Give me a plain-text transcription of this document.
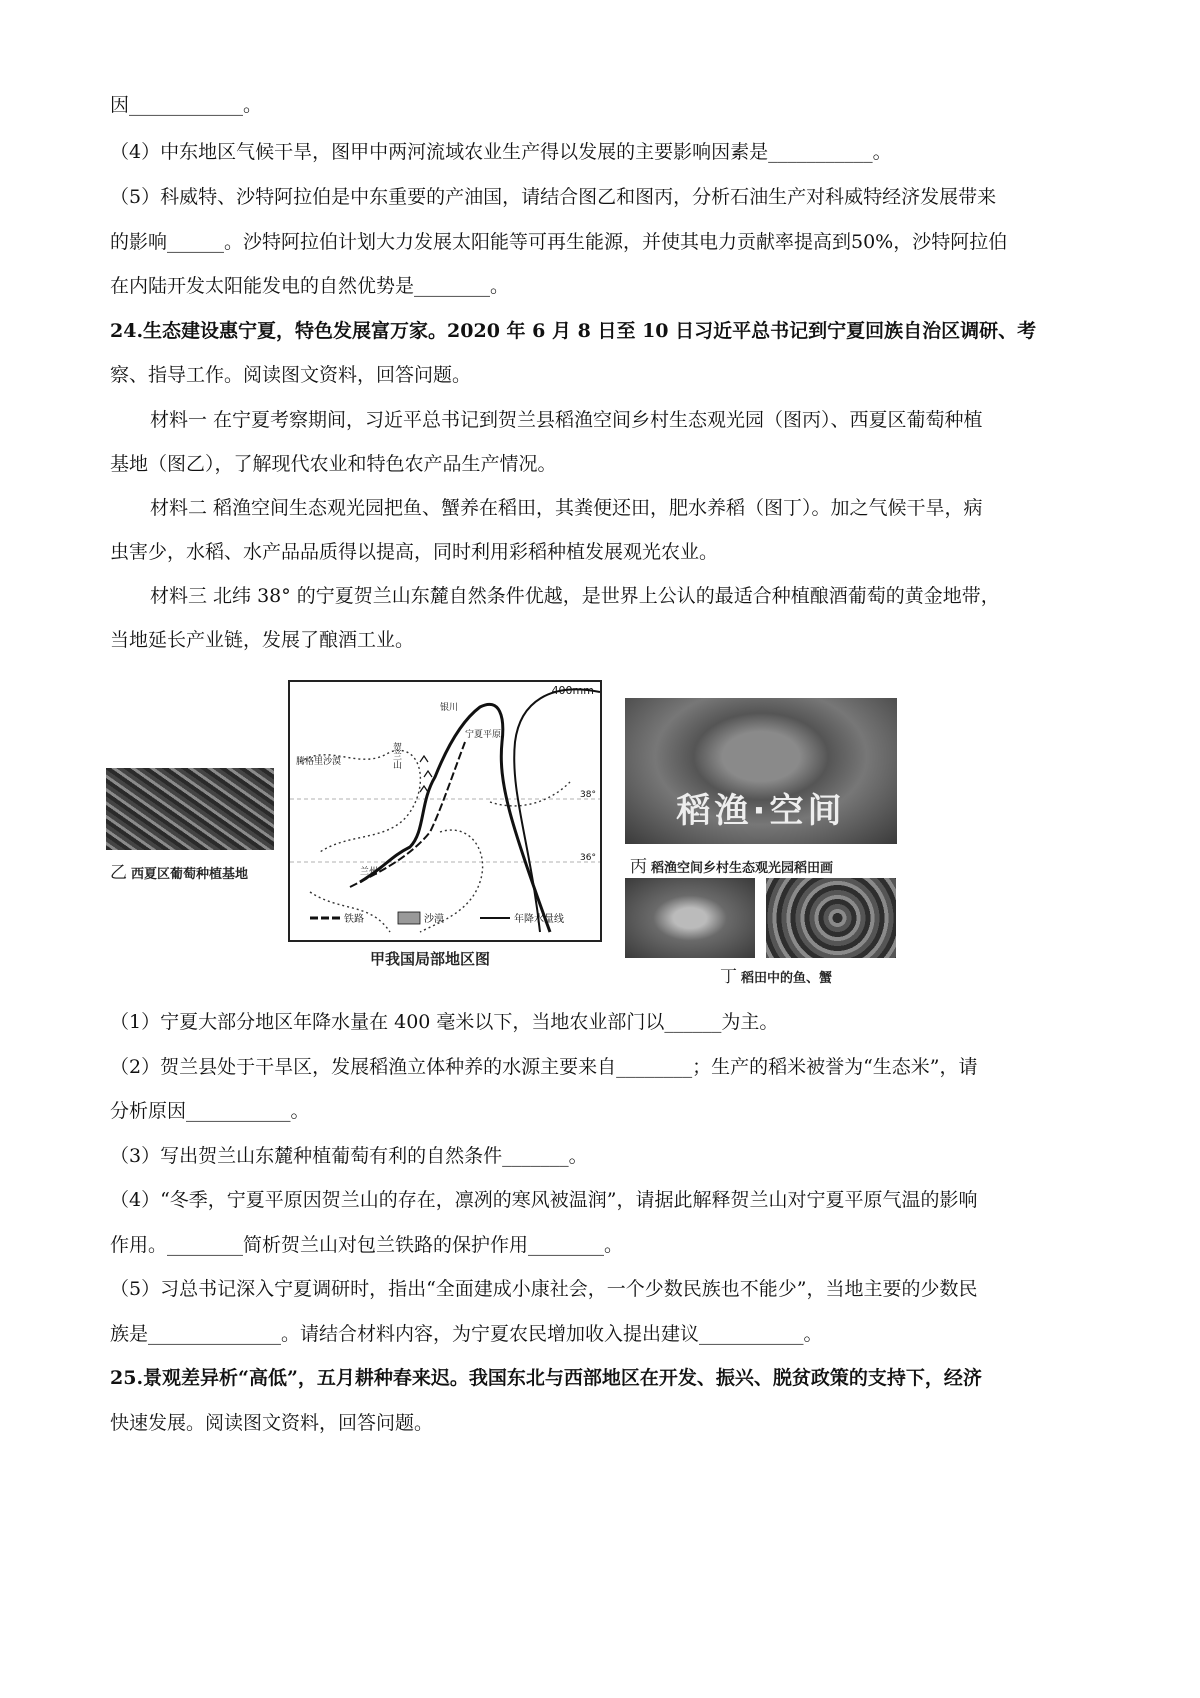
因____________。
（4）中东地区气候干旱，图甲中两河流域农业生产得以发展的主要影响因素是___________。
（5）科威特、沙特阿拉伯是中东重要的产油国，请结合图乙和图丙，分析石油生产对科威特经济发展带来
的影响______。沙特阿拉伯计划大力发展太阳能等可再生能源，并使其电力贡献率提高到50%，沙特阿拉伯
在内陆开发太阳能发电的自然优势是________。
24.生态建设惠宁夏，特色发展富万家。2020 年 6 月 8 日至 10 日习近平总书记到宁夏回族自治区调研、考
察、指导工作。阅读图文资料，回答问题。
材料一 在宁夏考察期间，习近平总书记到贺兰县稻渔空间乡村生态观光园（图丙）、西夏区葡萄种植
基地（图乙），了解现代农业和特色农产品生产情况。
材料二 稻渔空间生态观光园把鱼、蟹养在稻田，其粪便还田，肥水养稻（图丁）。加之气候干旱，病
虫害少，水稻、水产品品质得以提高，同时利用彩稻种植发展观光农业。
材料三 北纬 38° 的宁夏贺兰山东麓自然条件优越，是世界上公认的最适合种植酿酒葡萄的黄金地带，
当地延长产业链，发展了酿酒工业。
乙 西夏区葡萄种植基地
400mm
38°
36°
腾格里沙漠	贺兰山
宁夏平原
银川
兰州
铁路	沙漠	年降水量线
甲我国局部地区图
稻渔·空间
丙 稻渔空间乡村生态观光园稻田画
丁 稻田中的鱼、蟹
（1）宁夏大部分地区年降水量在 400 毫米以下，当地农业部门以______为主。
（2）贺兰县处于干旱区，发展稻渔立体种养的水源主要来自________；生产的稻米被誉为“生态米”，请
分析原因___________。
（3）写出贺兰山东麓种植葡萄有利的自然条件_______。
（4）“冬季，宁夏平原因贺兰山的存在，凛冽的寒风被温润”，请据此解释贺兰山对宁夏平原气温的影响
作用。________简析贺兰山对包兰铁路的保护作用________。
（5）习总书记深入宁夏调研时，指出“全面建成小康社会，一个少数民族也不能少”，当地主要的少数民
族是______________。请结合材料内容，为宁夏农民增加收入提出建议___________。
25.景观差异析“高低”，五月耕种春来迟。我国东北与西部地区在开发、振兴、脱贫政策的支持下，经济
快速发展。阅读图文资料，回答问题。
